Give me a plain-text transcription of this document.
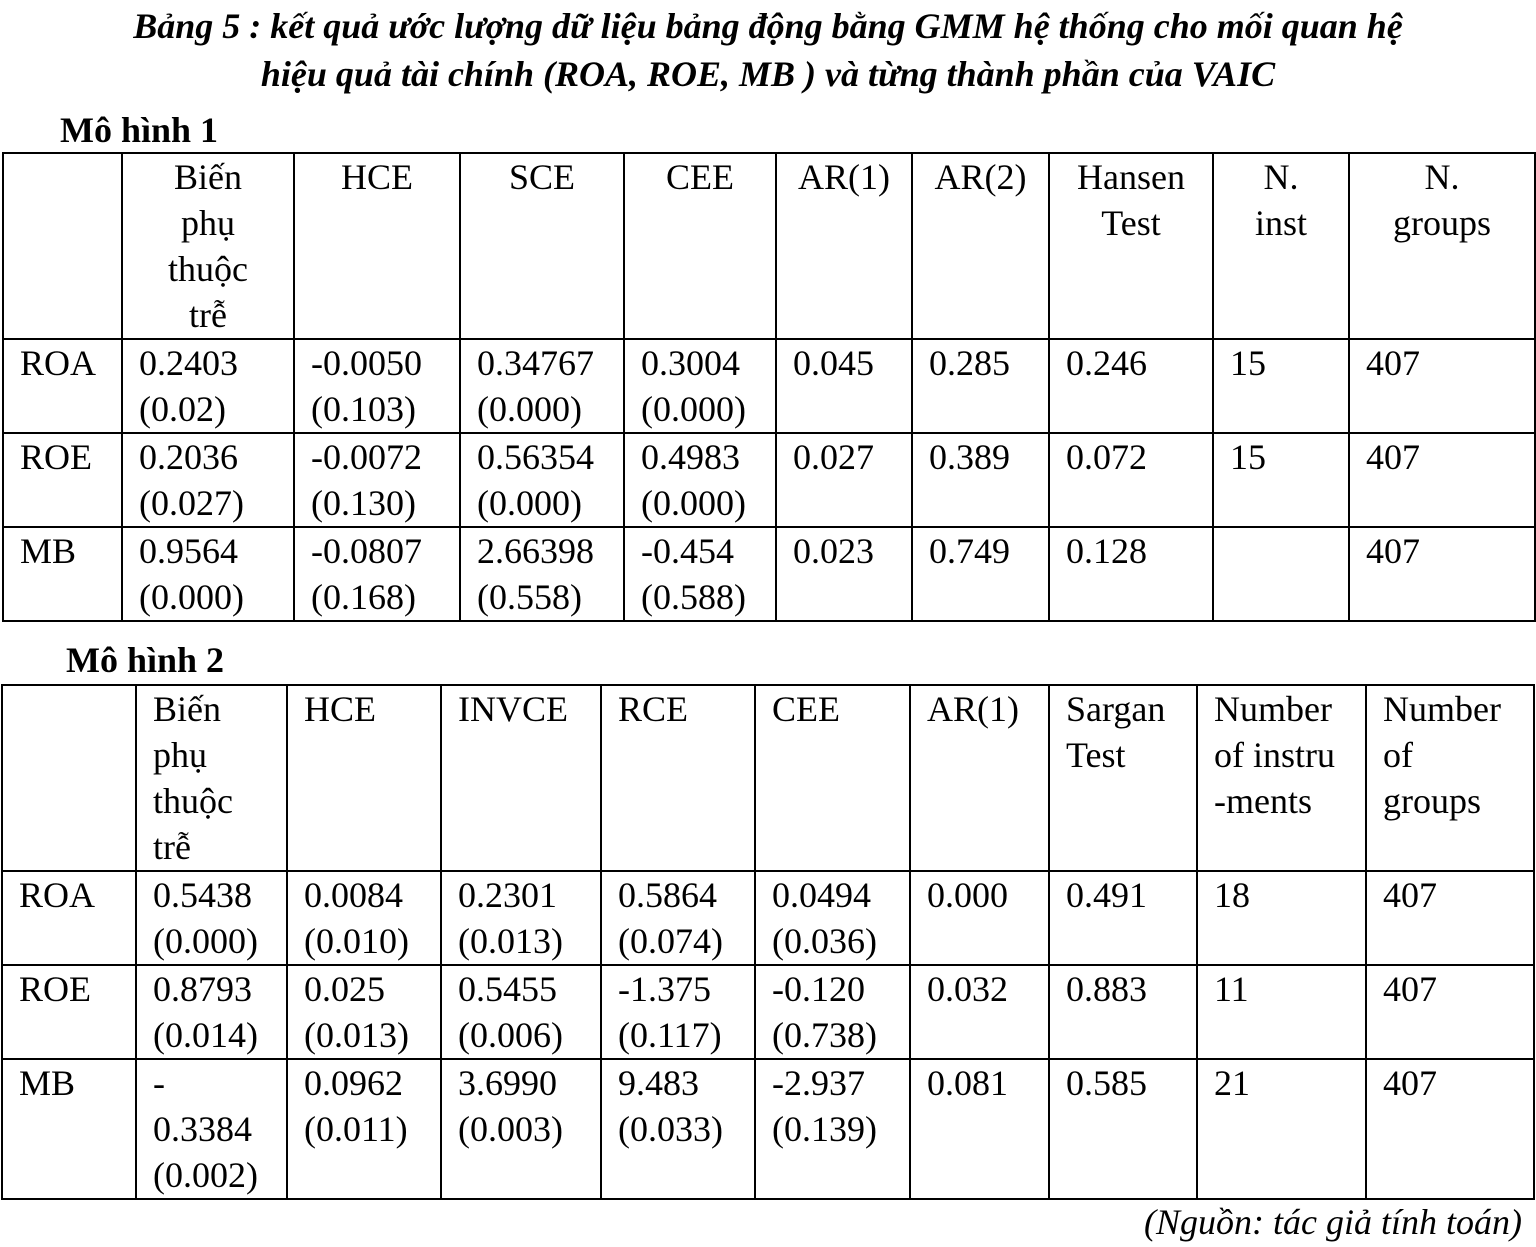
Bảng 5 : kết quả ước lượng dữ liệu bảng động bằng GMM hệ thống cho mối quan hệ
hiệu quả tài chính (ROA, ROE, MB ) và từng thành phần của VAIC
Mô hình 1
	Biến
phụ
thuộc
trễ	HCE	SCE	CEE	AR(1)	AR(2)	Hansen
Test	N.
inst	N.
groups
ROA	0.2403
(0.02)	-0.0050
(0.103)	0.34767
(0.000)	0.3004
(0.000)	0.045	0.285	0.246	15	407
ROE	0.2036
(0.027)	-0.0072
(0.130)	0.56354
(0.000)	0.4983
(0.000)	0.027	0.389	0.072	15	407
MB	0.9564
(0.000)	-0.0807
(0.168)	2.66398
(0.558)	-0.454
(0.588)	0.023	0.749	0.128		407
Mô hình 2
	Biến
phụ
thuộc
trễ	HCE	INVCE	RCE	CEE	AR(1)	Sargan
Test	Number
of instru
-ments	Number
of
groups
ROA	0.5438
(0.000)	0.0084
(0.010)	0.2301
(0.013)	0.5864
(0.074)	0.0494
(0.036)	0.000	0.491	18	407
ROE	0.8793
(0.014)	0.025
(0.013)	0.5455
(0.006)	-1.375
(0.117)	-0.120
(0.738)	0.032	0.883	11	407
MB	-
0.3384
(0.002)	0.0962
(0.011)	3.6990
(0.003)	9.483
(0.033)	-2.937
(0.139)	0.081	0.585	21	407
(Nguồn: tác giả tính toán)
